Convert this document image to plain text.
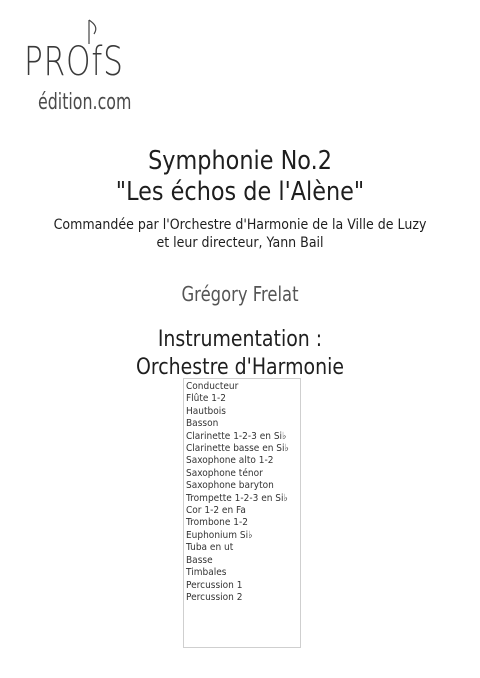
PROfS
édition.com
Symphonie No.2
"Les échos de l'Alène"
Commandée par l'Orchestre d'Harmonie de la Ville de Luzy
et leur directeur, Yann Bail
Grégory Frelat
Instrumentation :
Orchestre d'Harmonie
Conducteur
Flûte 1-2
Hautbois
Basson
Clarinette 1-2-3 en Si♭
Clarinette basse en Si♭
Saxophone alto 1-2
Saxophone ténor
Saxophone baryton
Trompette 1-2-3 en Si♭
Cor 1-2 en Fa
Trombone 1-2
Euphonium Si♭
Tuba en ut
Basse
Timbales
Percussion 1
Percussion 2
